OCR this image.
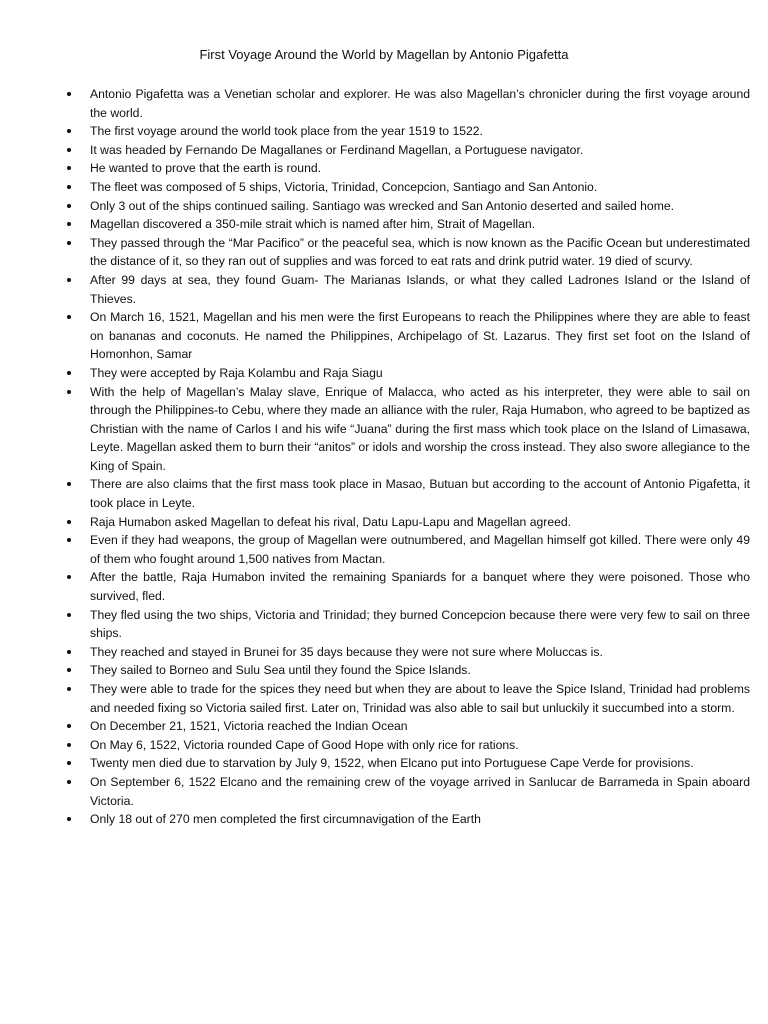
First Voyage Around the World by Magellan by Antonio Pigafetta
Antonio Pigafetta was a Venetian scholar and explorer. He was also Magellan’s chronicler during the first voyage around the world.
The first voyage around the world took place from the year 1519 to 1522.
It was headed by Fernando De Magallanes or Ferdinand Magellan, a Portuguese navigator.
He wanted to prove that the earth is round.
The fleet was composed of 5 ships, Victoria, Trinidad, Concepcion, Santiago and San Antonio.
Only 3 out of the ships continued sailing. Santiago was wrecked and San Antonio deserted and sailed home.
Magellan discovered a 350-mile strait which is named after him, Strait of Magellan.
They passed through the “Mar Pacifico” or the peaceful sea, which is now known as the Pacific Ocean but underestimated the distance of it, so they ran out of supplies and was forced to eat rats and drink putrid water. 19 died of scurvy.
After 99 days at sea, they found Guam- The Marianas Islands, or what they called Ladrones Island or the Island of Thieves.
On March 16, 1521, Magellan and his men were the first Europeans to reach the Philippines where they are able to feast on bananas and coconuts. He named the Philippines, Archipelago of St. Lazarus. They first set foot on the Island of Homonhon, Samar
They were accepted by Raja Kolambu and Raja Siagu
With the help of Magellan’s Malay slave, Enrique of Malacca, who acted as his interpreter, they were able to sail on through the Philippines-to Cebu, where they made an alliance with the ruler, Raja Humabon, who agreed to be baptized as Christian with the name of Carlos I and his wife “Juana” during the first mass which took place on the Island of Limasawa, Leyte. Magellan asked them to burn their “anitos” or idols and worship the cross instead. They also swore allegiance to the King of Spain.
There are also claims that the first mass took place in Masao, Butuan but according to the account of Antonio Pigafetta, it took place in Leyte.
Raja Humabon asked Magellan to defeat his rival, Datu Lapu-Lapu and Magellan agreed.
Even if they had weapons, the group of Magellan were outnumbered, and Magellan himself got killed. There were only 49 of them who fought around 1,500 natives from Mactan.
After the battle, Raja Humabon invited the remaining Spaniards for a banquet where they were poisoned. Those who survived, fled.
They fled using the two ships, Victoria and Trinidad; they burned Concepcion because there were very few to sail on three ships.
They reached and stayed in Brunei for 35 days because they were not sure where Moluccas is.
They sailed to Borneo and Sulu Sea until they found the Spice Islands.
They were able to trade for the spices they need but when they are about to leave the Spice Island, Trinidad had problems and needed fixing so Victoria sailed first. Later on, Trinidad was also able to sail but unluckily it succumbed into a storm.
On December 21, 1521, Victoria reached the Indian Ocean
On May 6, 1522, Victoria rounded Cape of Good Hope with only rice for rations.
Twenty men died due to starvation by July 9, 1522, when Elcano put into Portuguese Cape Verde for provisions.
On September 6, 1522 Elcano and the remaining crew of the voyage arrived in Sanlucar de Barrameda in Spain aboard Victoria.
Only 18 out of 270 men completed the first circumnavigation of the Earth
